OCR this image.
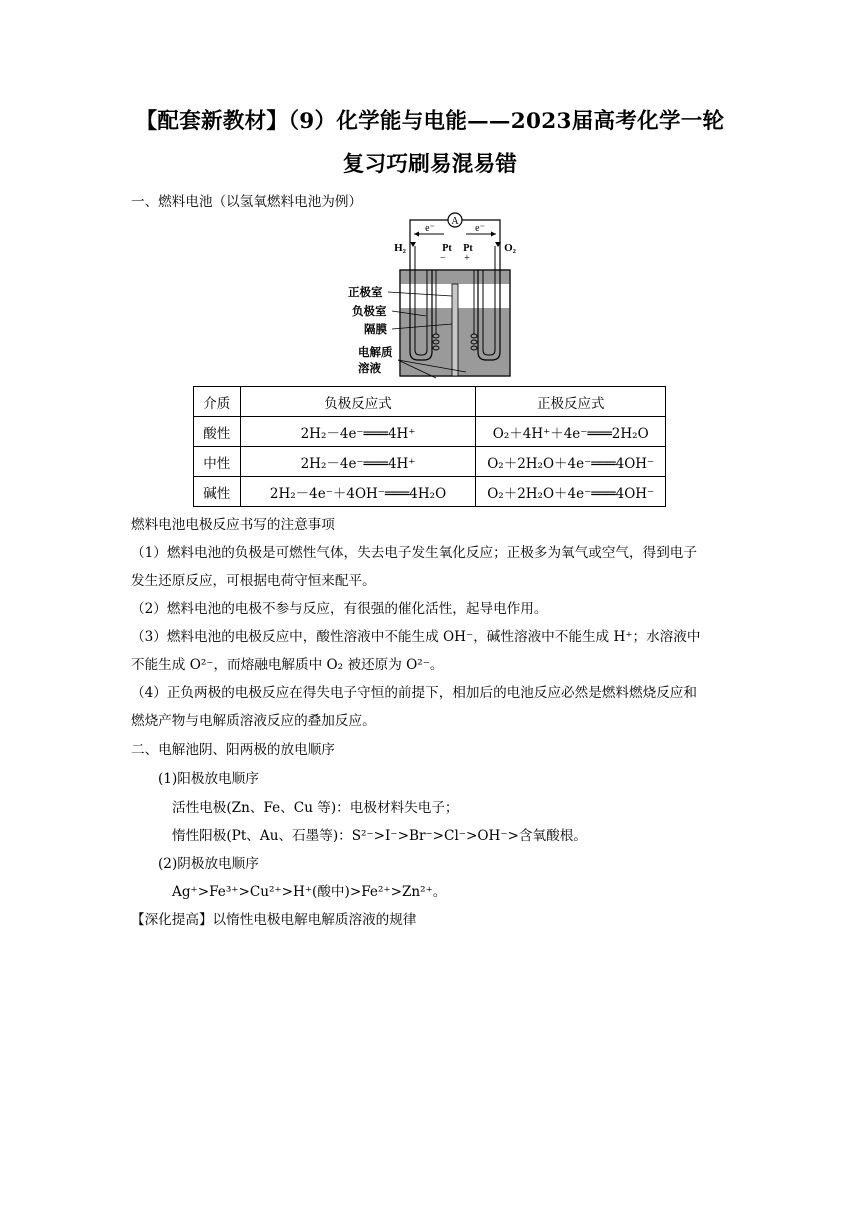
【配套新教材】（9）化学能与电能——2023届高考化学一轮
复习巧刷易混易错
一、燃料电池（以氢氧燃料电池为例）
A
e⁻	e⁻
H₂	O₂
Pt
−
Pt
+
正极室
负极室
隔膜
电解质
溶液
介质	负极反应式	正极反应式
酸性	2H₂－4e⁻═══4H⁺	O₂＋4H⁺＋4e⁻═══2H₂O
中性	2H₂－4e⁻═══4H⁺	O₂＋2H₂O＋4e⁻═══4OH⁻
碱性	2H₂－4e⁻＋4OH⁻═══4H₂O	O₂＋2H₂O＋4e⁻═══4OH⁻
燃料电池电极反应书写的注意事项
（1）燃料电池的负极是可燃性气体，失去电子发生氧化反应；正极多为氧气或空气，得到电子
发生还原反应，可根据电荷守恒来配平。
（2）燃料电池的电极不参与反应，有很强的催化活性，起导电作用。
（3）燃料电池的电极反应中，酸性溶液中不能生成 OH⁻，碱性溶液中不能生成 H⁺；水溶液中
不能生成 O²⁻，而熔融电解质中 O₂ 被还原为 O²⁻。
（4）正负两极的电极反应在得失电子守恒的前提下，相加后的电池反应必然是燃料燃烧反应和
燃烧产物与电解质溶液反应的叠加反应。
二、电解池阴、阳两极的放电顺序
(1)阳极放电顺序
活性电极(Zn、Fe、Cu 等)：电极材料失电子；
惰性阳极(Pt、Au、石墨等)：S²⁻>I⁻>Br⁻>Cl⁻>OH⁻>含氧酸根。
(2)阴极放电顺序
Ag⁺>Fe³⁺>Cu²⁺>H⁺(酸中)>Fe²⁺>Zn²⁺。
【深化提高】以惰性电极电解电解质溶液的规律
